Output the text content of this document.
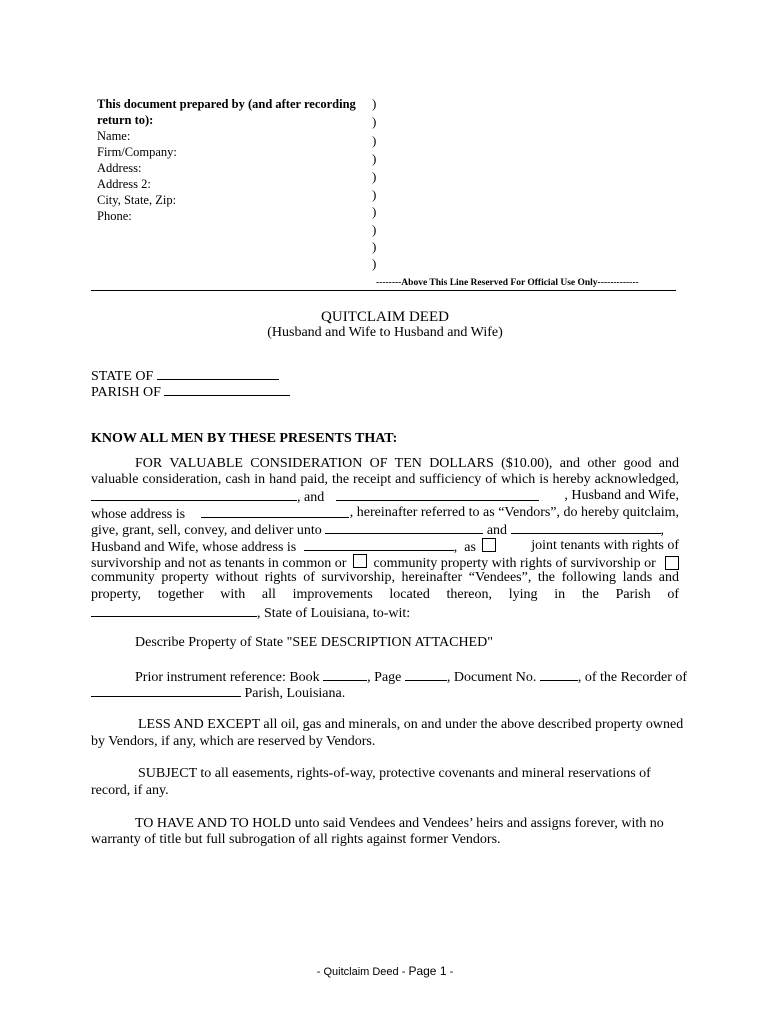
This document prepared by (and after recording
return to):
Name:
Firm/Company:
Address:
Address 2:
City, State, Zip:
Phone:
)
)
)
)
)
)
)
)
)
)
--------Above This Line Reserved For Official Use Only-------------
QUITCLAIM DEED
(Husband and Wife to Husband and Wife)
STATE OF
PARISH OF
KNOW ALL MEN BY THESE PRESENTS THAT:
FOR VALUABLE CONSIDERATION OF TEN DOLLARS ($10.00), and other good and
valuable consideration, cash in hand paid, the receipt and sufficiency of which is hereby acknowledged,
, and	, Husband and Wife,
whose address is	, hereinafter referred to as “Vendors”, do hereby quitclaim,
give, grant, sell, convey, and deliver unto	and	,
Husband and Wife, whose address is	,  as	joint tenants with rights of
survivorship and not as tenants in common or community property with rights of survivorship or
community property without rights of survivorship, hereinafter “Vendees”, the following lands and
property, together with all improvements located thereon, lying in the Parish of
, State of Louisiana, to-wit:
Describe Property of State "SEE DESCRIPTION ATTACHED"
Prior instrument reference: Book	, Page	, Document No.	, of the Recorder of
Parish, Louisiana.
LESS AND EXCEPT all oil, gas and minerals, on and under the above described property owned
by Vendors, if any, which are reserved by Vendors.
SUBJECT to all easements, rights-of-way, protective covenants and mineral reservations of
record, if any.
TO HAVE AND TO HOLD unto said Vendees and Vendees’ heirs and assigns forever, with no
warranty of title but full subrogation of all rights against former Vendors.
- Quitclaim Deed - Page 1 -
